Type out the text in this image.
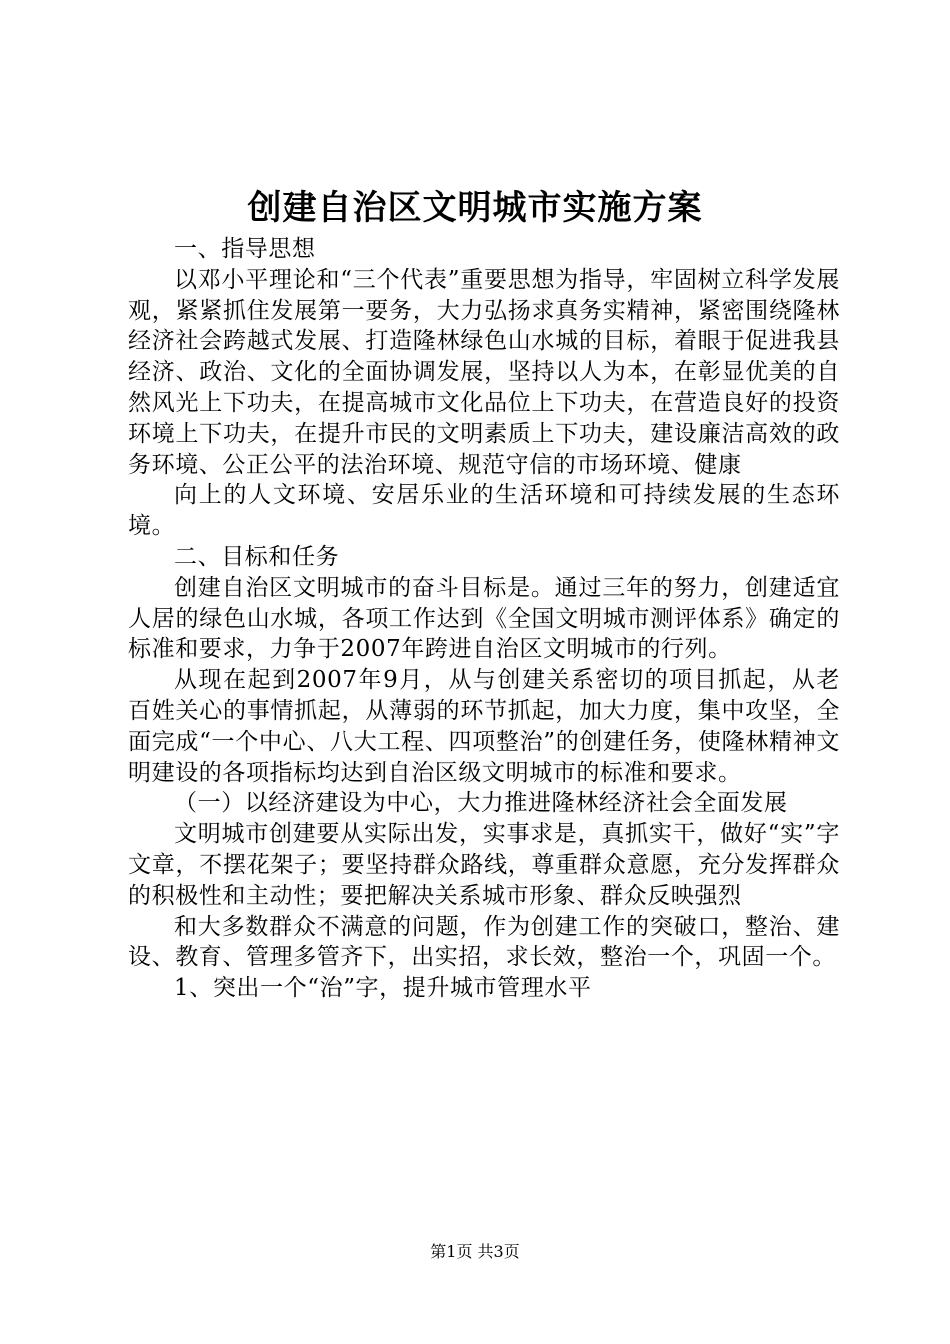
创建自治区文明城市实施方案

一、指导思想

以邓小平理论和“三个代表”重要思想为指导，牢固树立科学发展观，紧紧抓住发展第一要务，大力弘扬求真务实精神，紧密围绕隆林经济社会跨越式发展、打造隆林绿色山水城的目标，着眼于促进我县经济、政治、文化的全面协调发展，坚持以人为本，在彰显优美的自然风光上下功夫，在提高城市文化品位上下功夫，在营造良好的投资环境上下功夫，在提升市民的文明素质上下功夫，建设廉洁高效的政务环境、公正公平的法治环境、规范守信的市场环境、健康

向上的人文环境、安居乐业的生活环境和可持续发展的生态环境。

二、目标和任务

创建自治区文明城市的奋斗目标是。通过三年的努力，创建适宜人居的绿色山水城，各项工作达到《全国文明城市测评体系》确定的标准和要求，力争于2007年跨进自治区文明城市的行列。

从现在起到2007年9月，从与创建关系密切的项目抓起，从老百姓关心的事情抓起，从薄弱的环节抓起，加大力度，集中攻坚，全面完成“一个中心、八大工程、四项整治”的创建任务，使隆林精神文明建设的各项指标均达到自治区级文明城市的标准和要求。

（一）以经济建设为中心，大力推进隆林经济社会全面发展

文明城市创建要从实际出发，实事求是，真抓实干，做好“实”字文章，不摆花架子；要坚持群众路线，尊重群众意愿，充分发挥群众的积极性和主动性；要把解决关系城市形象、群众反映强烈

和大多数群众不满意的问题，作为创建工作的突破口，整治、建设、教育、管理多管齐下，出实招，求长效，整治一个，巩固一个。

1、突出一个“治”字，提升城市管理水平

第1页 共3页
